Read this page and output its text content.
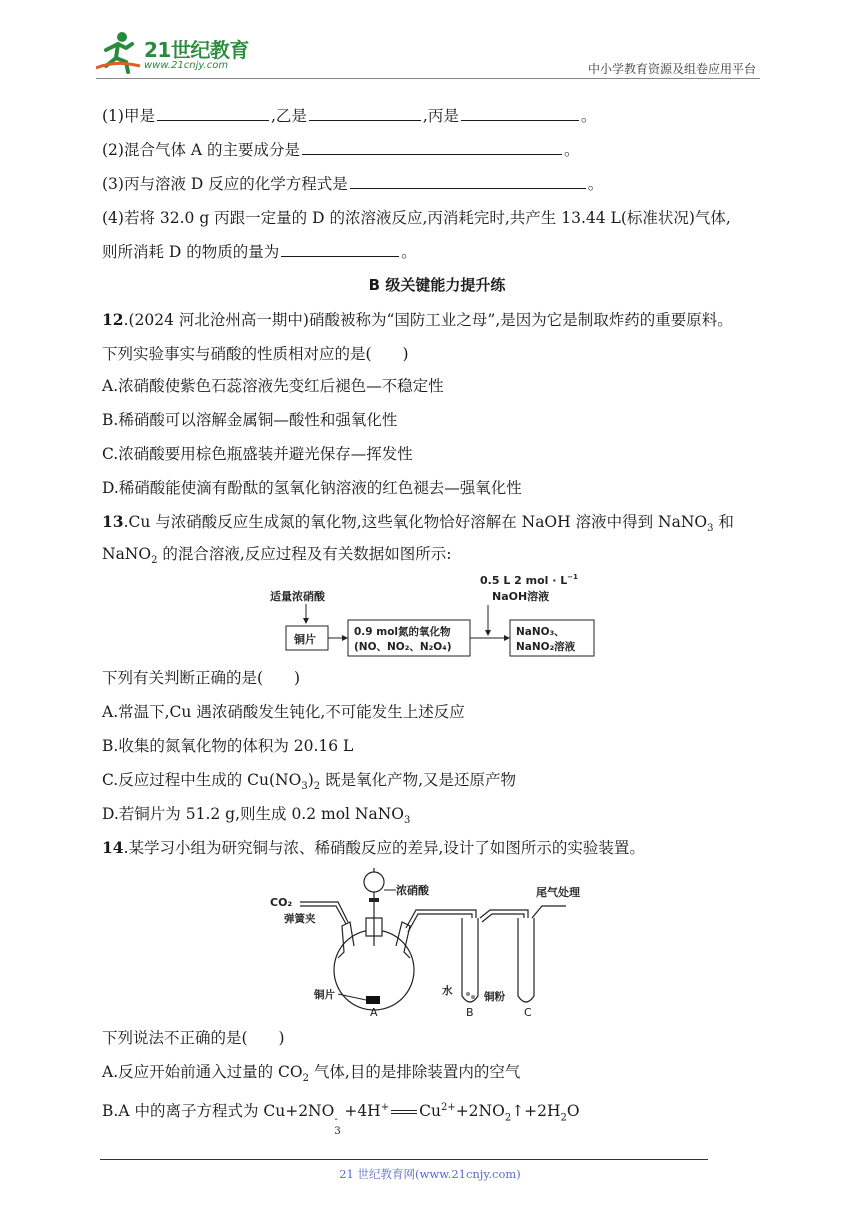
21世纪教育
www.21cnjy.com	中小学教育资源及组卷应用平台
(1)甲是	,乙是	,丙是	。
(2)混合气体 A 的主要成分是	。
(3)丙与溶液 D 反应的化学方程式是	。
(4)若将 32.0 g 丙跟一定量的 D 的浓溶液反应,丙消耗完时,共产生 13.44 L(标准状况)气体,
则所消耗 D 的物质的量为	。
B 级关键能力提升练
12.(2024 河北沧州高一期中)硝酸被称为“国防工业之母”,是因为它是制取炸药的重要原料。
下列实验事实与硝酸的性质相对应的是(　　)
A.浓硝酸使紫色石蕊溶液先变红后褪色—不稳定性
B.稀硝酸可以溶解金属铜—酸性和强氧化性
C.浓硝酸要用棕色瓶盛装并避光保存—挥发性
D.稀硝酸能使滴有酚酞的氢氧化钠溶液的红色褪去—强氧化性
13.Cu 与浓硝酸反应生成氮的氧化物,这些氧化物恰好溶解在 NaOH 溶液中得到 NaNO$_3$ 和
NaNO$_2$ 的混合溶液,反应过程及有关数据如图所示:
0.5 L 2 mol · $L^{-1}$
NaOH溶液
适量浓硝酸
铜片
0.9 mol氮的氧化物
(NO、NO₂、N₂O₄)
NaNO₃、
NaNO₂溶液
下列有关判断正确的是(　　)
A.常温下,Cu 遇浓硝酸发生钝化,不可能发生上述反应
B.收集的氮氧化物的体积为 20.16 L
C.反应过程中生成的 $Cu(NO_3)_2$ 既是氧化产物,又是还原产物
D.若铜片为 51.2 g,则生成 0.2 mol NaNO$_3$
14.某学习小组为研究铜与浓、稀硝酸反应的差异,设计了如图所示的实验装置。
CO₂
弹簧夹
浓硝酸
铜片
A
水	铜粉
B
尾气处理
C
下列说法不正确的是(　　)
A.反应开始前通入过量的 $CO_2$ 气体,目的是排除装置内的空气
B.A 中的离子方程式为 Cu+2NO -
3
+4H+ $Cu^{2+}+2NO_2↑+2H_2O$
21 世纪教育网(www.21cnjy.com)
